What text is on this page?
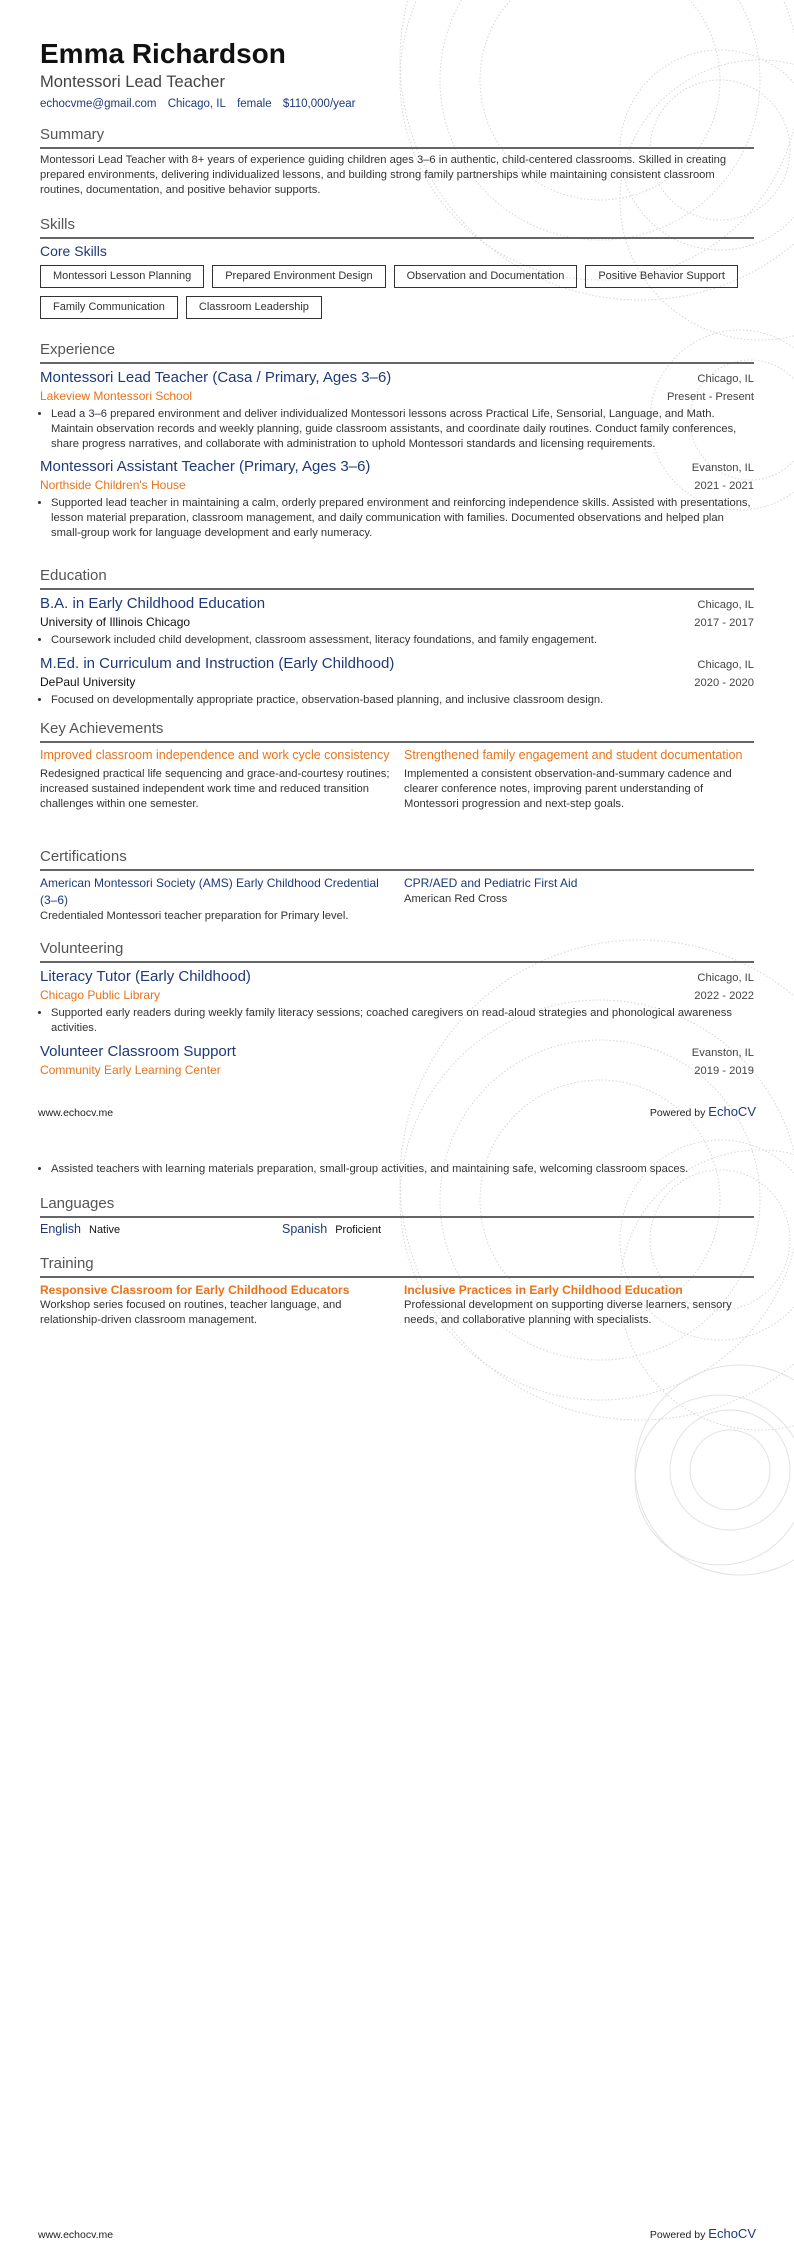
Emma Richardson
Montessori Lead Teacher
echocvme@gmail.com Chicago, IL female $110,000/year
Summary
Montessori Lead Teacher with 8+ years of experience guiding children ages 3–6 in authentic, child-centered classrooms. Skilled in creating prepared environments, delivering individualized lessons, and building strong family partnerships while maintaining consistent classroom routines, documentation, and positive behavior supports.
Skills
Core Skills
Montessori Lesson Planning	Prepared Environment Design	Observation and Documentation	Positive Behavior Support
Family Communication	Classroom Leadership
Experience
Montessori Lead Teacher (Casa / Primary, Ages 3–6)	Chicago, IL
Lakeview Montessori School	Present - Present
• Lead a 3–6 prepared environment and deliver individualized Montessori lessons across Practical Life, Sensorial, Language, and Math. Maintain observation records and weekly planning, guide classroom assistants, and coordinate daily routines. Conduct family conferences, share progress narratives, and collaborate with administration to uphold Montessori standards and licensing requirements.
Montessori Assistant Teacher (Primary, Ages 3–6)	Evanston, IL
Northside Children's House	2021 - 2021
• Supported lead teacher in maintaining a calm, orderly prepared environment and reinforcing independence skills. Assisted with presentations, lesson material preparation, classroom management, and daily communication with families. Documented observations and helped plan small-group work for language development and early numeracy.
Education
B.A. in Early Childhood Education	Chicago, IL
University of Illinois Chicago	2017 - 2017
• Coursework included child development, classroom assessment, literacy foundations, and family engagement.
M.Ed. in Curriculum and Instruction (Early Childhood)	Chicago, IL
DePaul University	2020 - 2020
• Focused on developmentally appropriate practice, observation-based planning, and inclusive classroom design.
Key Achievements
Improved classroom independence and work cycle consistency
Redesigned practical life sequencing and grace-and-courtesy routines; increased sustained independent work time and reduced transition challenges within one semester.
Strengthened family engagement and student documentation
Implemented a consistent observation-and-summary cadence and clearer conference notes, improving parent understanding of Montessori progression and next-step goals.
Certifications
American Montessori Society (AMS) Early Childhood Credential (3–6)
Credentialed Montessori teacher preparation for Primary level.
CPR/AED and Pediatric First Aid
American Red Cross
Volunteering
Literacy Tutor (Early Childhood)	Chicago, IL
Chicago Public Library	2022 - 2022
• Supported early readers during weekly family literacy sessions; coached caregivers on read-aloud strategies and phonological awareness activities.
Volunteer Classroom Support	Evanston, IL
Community Early Learning Center	2019 - 2019
www.echocv.me	Powered by EchoCV
• Assisted teachers with learning materials preparation, small-group activities, and maintaining safe, welcoming classroom spaces.
Languages
English Native	Spanish Proficient
Training
Responsive Classroom for Early Childhood Educators
Workshop series focused on routines, teacher language, and relationship-driven classroom management.
Inclusive Practices in Early Childhood Education
Professional development on supporting diverse learners, sensory needs, and collaborative planning with specialists.
www.echocv.me	Powered by EchoCV
